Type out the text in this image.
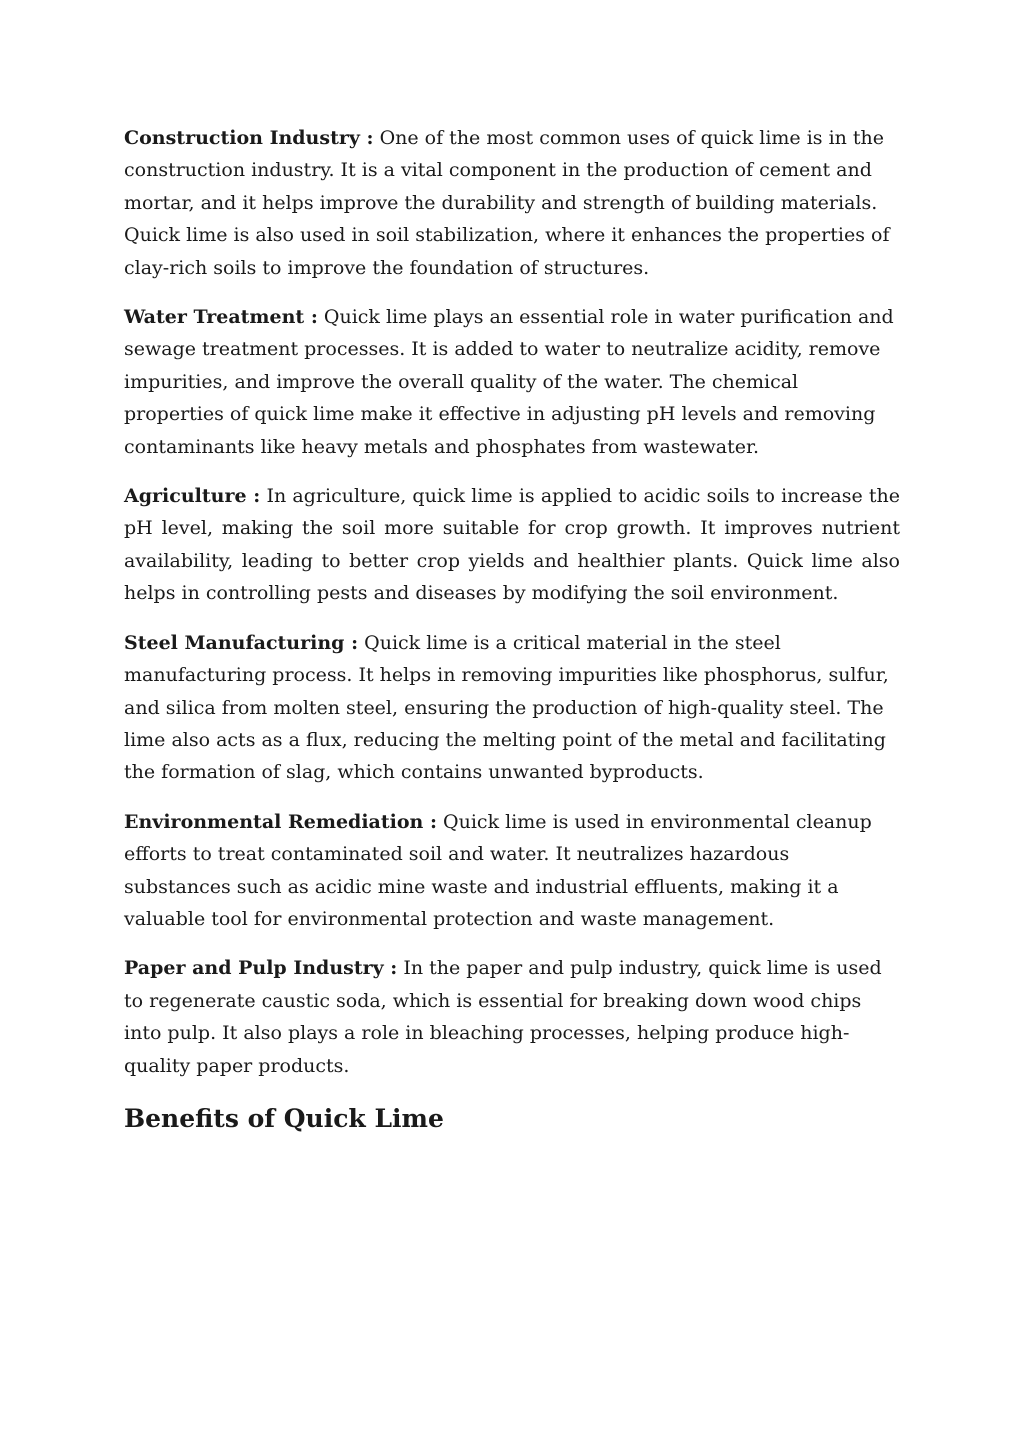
Construction Industry : One of the most common uses of quick lime is in the construction industry. It is a vital component in the production of cement and mortar, and it helps improve the durability and strength of building materials. Quick lime is also used in soil stabilization, where it enhances the properties of clay-rich soils to improve the foundation of structures.

Water Treatment : Quick lime plays an essential role in water purification and sewage treatment processes. It is added to water to neutralize acidity, remove impurities, and improve the overall quality of the water. The chemical properties of quick lime make it effective in adjusting pH levels and removing contaminants like heavy metals and phosphates from wastewater.

Agriculture : In agriculture, quick lime is applied to acidic soils to increase the pH level, making the soil more suitable for crop growth. It improves nutrient availability, leading to better crop yields and healthier plants. Quick lime also helps in controlling pests and diseases by modifying the soil environment.

Steel Manufacturing : Quick lime is a critical material in the steel manufacturing process. It helps in removing impurities like phosphorus, sulfur, and silica from molten steel, ensuring the production of high-quality steel. The lime also acts as a flux, reducing the melting point of the metal and facilitating the formation of slag, which contains unwanted byproducts.

Environmental Remediation : Quick lime is used in environmental cleanup efforts to treat contaminated soil and water. It neutralizes hazardous substances such as acidic mine waste and industrial effluents, making it a valuable tool for environmental protection and waste management.

Paper and Pulp Industry : In the paper and pulp industry, quick lime is used to regenerate caustic soda, which is essential for breaking down wood chips into pulp. It also plays a role in bleaching processes, helping produce high-quality paper products.

Benefits of Quick Lime
